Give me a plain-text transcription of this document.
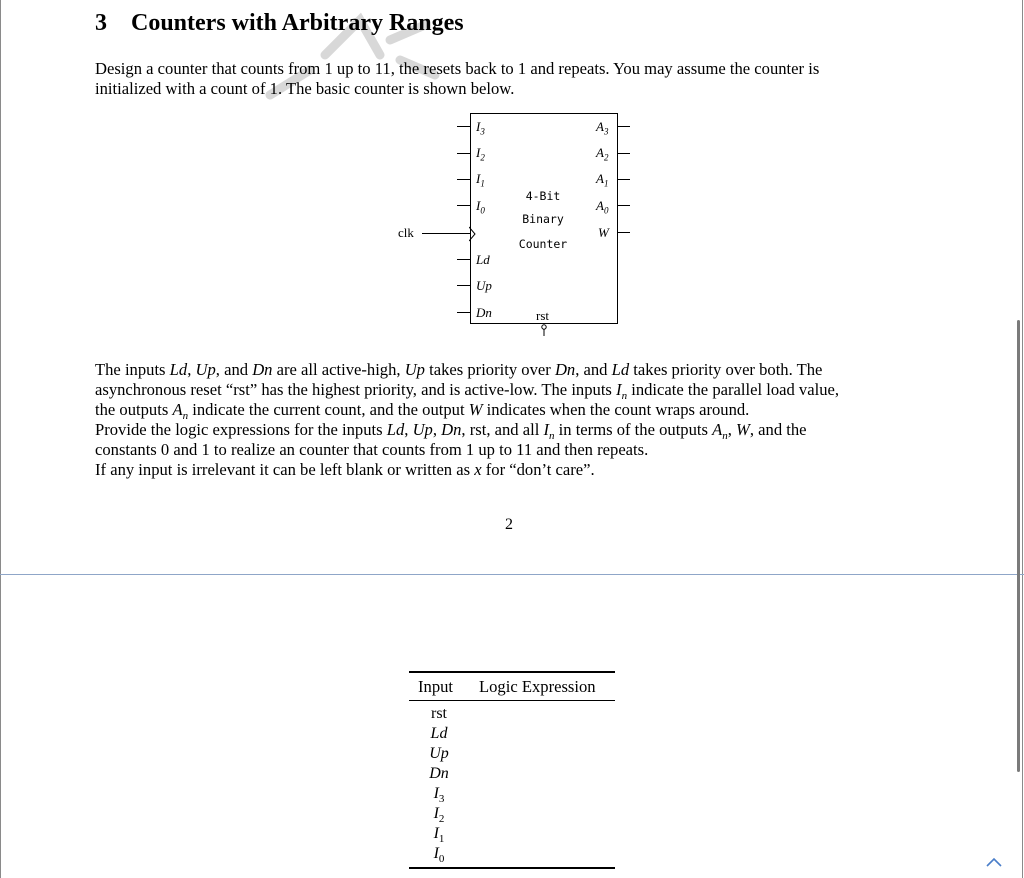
3 Counters with Arbitrary Ranges
Design a counter that counts from 1 up to 11, the resets back to 1 and repeats. You may assume the counter is
initialized with a count of 1. The basic counter is shown below.
$I_3$
$I_2$
$I_1$
$I_0$
$A_3$
$A_2$
$A_1$
$A_0$
W
clk
Ld
Up
Dn	rst
4-Bit
Binary
Counter
The inputs Ld, Up, and Dn are all active-high, Up takes priority over Dn, and Ld takes priority over both. The
asynchronous reset “rst” has the highest priority, and is active-low. The inputs $I_n$ indicate the parallel load value,
the outputs $A_n$ indicate the current count, and the output W indicates when the count wraps around.
Provide the logic expressions for the inputs Ld, Up, Dn, rst, and all $I_n$ in terms of the outputs $A_n$, W, and the
constants 0 and 1 to realize an counter that counts from 1 up to 11 and then repeats.
If any input is irrelevant it can be left blank or written as x for “don’t care”.
2
Input Logic Expression
rst
Ld
Up
Dn
$I_3$
$I_2$
$I_1$
$I_0$
